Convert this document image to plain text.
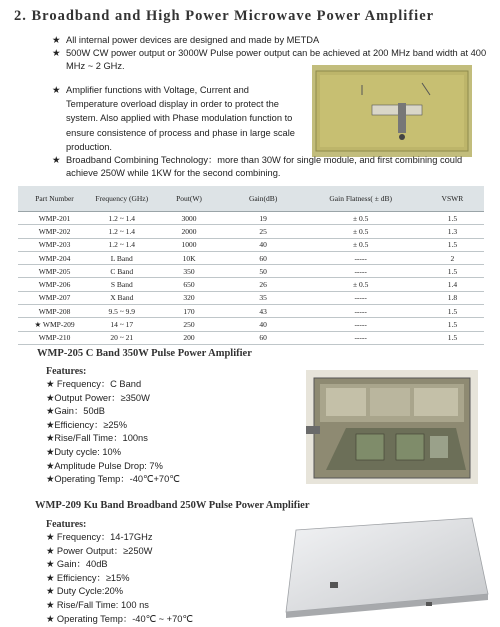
2. Broadband and High Power Microwave Power Amplifier
★ All internal power devices are designed and made by METDA
★ 500W CW power output or 3000W Pulse power output can be achieved at 200 MHz band width at 400 MHz ~ 2 GHz.
★ Amplifier functions with Voltage, Current and Temperature overload display in order to protect the system. Also applied with Phase modulation function to ensure consistence of process and phase in large scale production.
★ Broadband Combining Technology：more than 30W for single module, and first combining could achieve 250W while 1KW for the second combining.
Part Number	Frequency (GHz)	Pout(W)	Gain(dB)	Gain Flatness( ± dB)	VSWR
WMP-201	1.2 ~ 1.4	3000	19	± 0.5	1.5
WMP-202	1.2 ~ 1.4	2000	25	± 0.5	1.3
WMP-203	1.2 ~ 1.4	1000	40	± 0.5	1.5
WMP-204	L Band	10K	60	-----	2
WMP-205	C Band	350	50	-----	1.5
WMP-206	S Band	650	26	± 0.5	1.4
WMP-207	X Band	320	35	-----	1.8
WMP-208	9.5 ~ 9.9	170	43	-----	1.5
★ WMP-209	14 ~ 17	250	40	-----	1.5
WMP-210	20 ~ 21	200	60	-----	1.5
WMP-205 C Band 350W Pulse Power Amplifier
Features:
★ Frequency：C Band
★Output Power：≥350W
★Gain：50dB
★Efficiency：≥25%
★Rise/Fall Time：100ns
★Duty cycle: 10%
★Amplitude Pulse Drop: 7%
★Operating Temp：-40℃+70℃
WMP-209 Ku Band Broadband 250W Pulse Power Amplifier
Features:
★ Frequency：14-17GHz
★ Power Output：≥250W
★ Gain：40dB
★ Efficiency：≥15%
★ Duty Cycle:20%
★ Rise/Fall Time: 100 ns
★ Operating Temp：-40℃ ~ +70℃
